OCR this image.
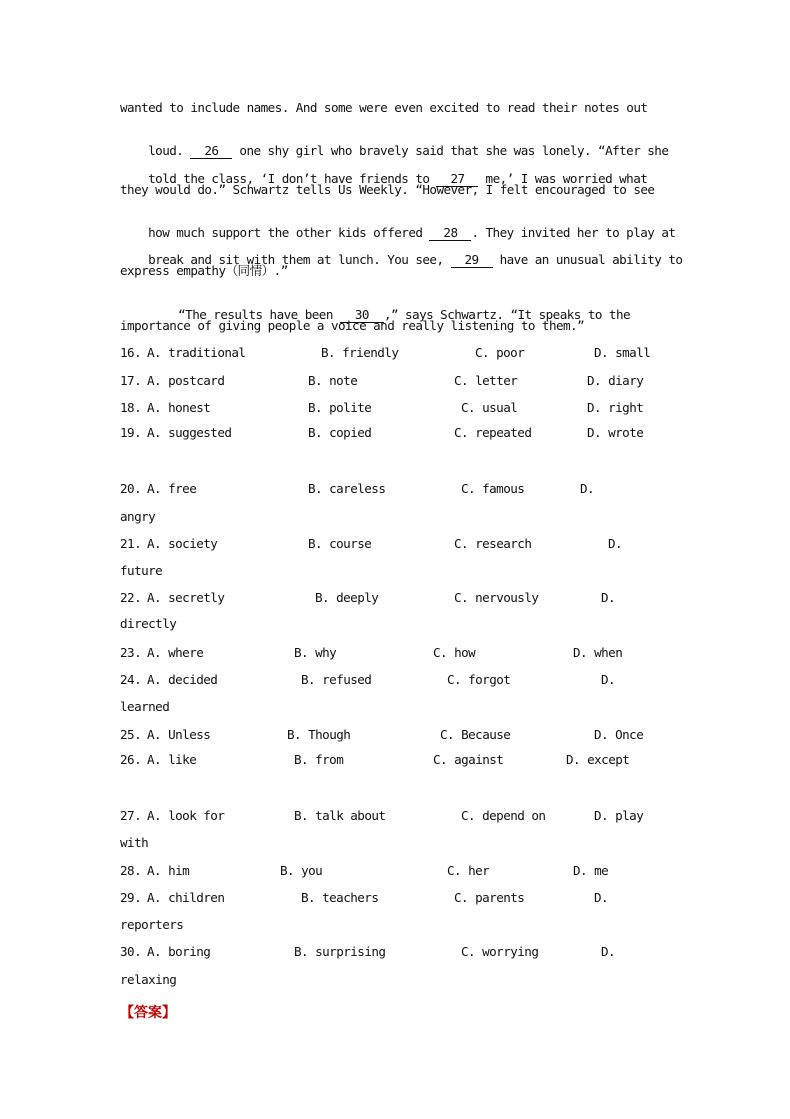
wanted to include names. And some were even excited to read their notes out

loud. 26 one shy girl who bravely said that she was lonely. “After she

told the class, ‘I don’t have friends to 27 me,’ I was worried what

they would do.” Schwartz tells Us Weekly. “However, I felt encouraged to see

how much support the other kids offered 28 . They invited her to play at

break and sit with them at lunch. You see, 29 have an unusual ability to

express empathy（同情）.”

“The results have been 30 ,” says Schwartz. “It speaks to the

importance of giving people a voice and really listening to them.”

16.

A. traditional

	B. friendly

	C. poor

	D. small

17.

A. postcard

	B. note

	C. letter

	D. diary

18.

A. honest

	B. polite

	C. usual

	D. right

19.

A. suggested

	B. copied

	C. repeated

	D. wrote

20.

A. free

	B. careless

	C. famous

	D.

angry

21.

A. society

	B. course

	C. research

	D.

future

22.

A. secretly

	B. deeply

	C. nervously

	D.

directly

23.

A. where

	B. why

	C. how

	D. when

24.

A. decided

	B. refused

	C. forgot

	D.

learned

25.

A. Unless

	B. Though

	C. Because

	D. Once

26.

A. like

	B. from

	C. against

	D. except

27.

A. look for

	B. talk about

	C. depend on

	D. play

with

28.

A. him

	B. you

	C. her

	D. me

29.

A. children

	B. teachers

	C. parents

	D.

reporters

30.

A. boring

	B. surprising

	C. worrying

	D.

relaxing
【答案】
